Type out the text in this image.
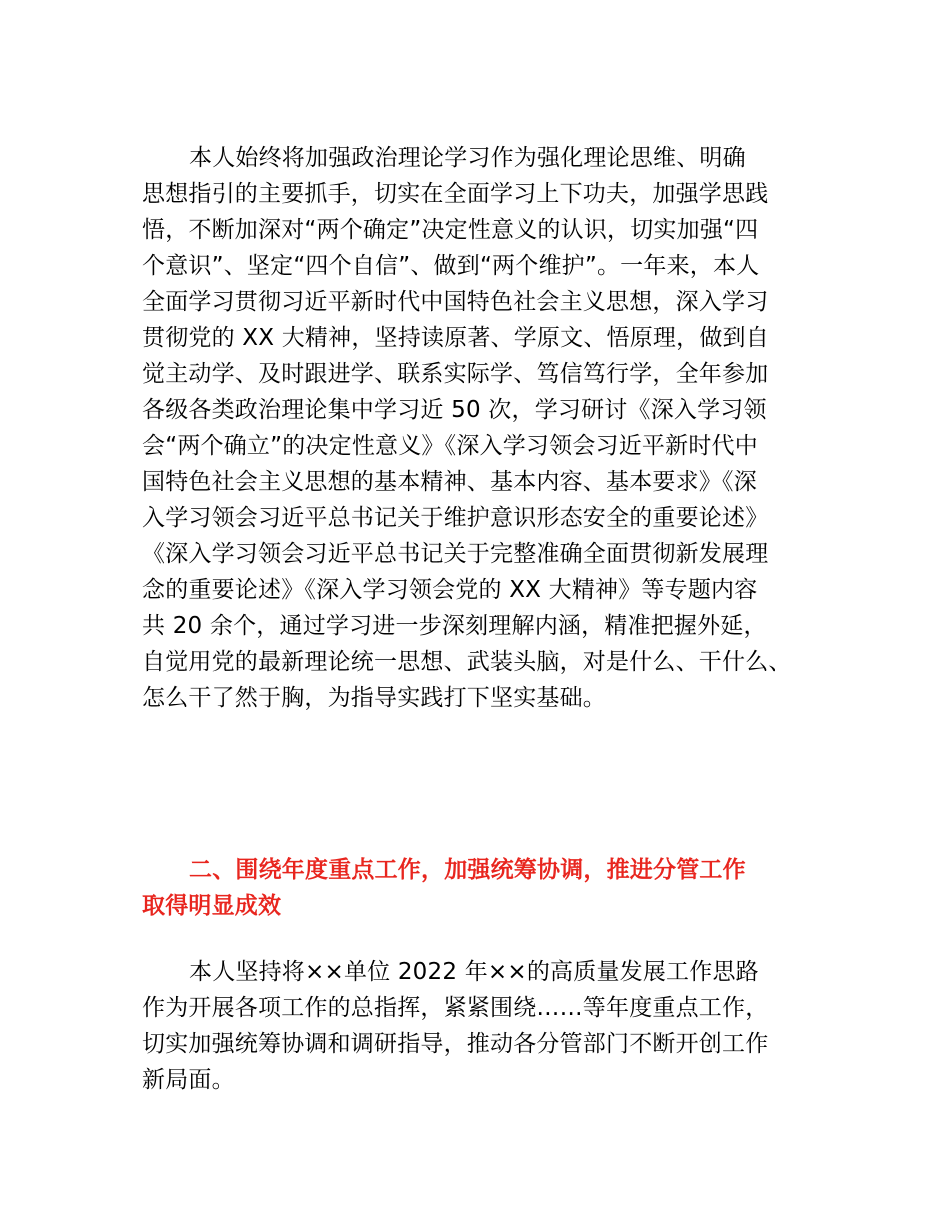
本人始终将加强政治理论学习作为强化理论思维、明确
思想指引的主要抓手，切实在全面学习上下功夫，加强学思践
悟，不断加深对“两个确定”决定性意义的认识，切实加强“四
个意识”、坚定“四个自信”、做到“两个维护”。一年来，本人
全面学习贯彻习近平新时代中国特色社会主义思想，深入学习
贯彻党的 XX 大精神，坚持读原著、学原文、悟原理，做到自
觉主动学、及时跟进学、联系实际学、笃信笃行学，全年参加
各级各类政治理论集中学习近 50 次，学习研讨《深入学习领
会“两个确立”的决定性意义》《深入学习领会习近平新时代中
国特色社会主义思想的基本精神、基本内容、基本要求》《深
入学习领会习近平总书记关于维护意识形态安全的重要论述》
《深入学习领会习近平总书记关于完整准确全面贯彻新发展理
念的重要论述》《深入学习领会党的 XX 大精神》等专题内容
共 20 余个，通过学习进一步深刻理解内涵，精准把握外延，
自觉用党的最新理论统一思想、武装头脑，对是什么、干什么、
怎么干了然于胸，为指导实践打下坚实基础。
二、围绕年度重点工作，加强统筹协调，推进分管工作
取得明显成效
本人坚持将××单位 2022 年××的高质量发展工作思路
作为开展各项工作的总指挥，紧紧围绕……等年度重点工作，
切实加强统筹协调和调研指导，推动各分管部门不断开创工作
新局面。
